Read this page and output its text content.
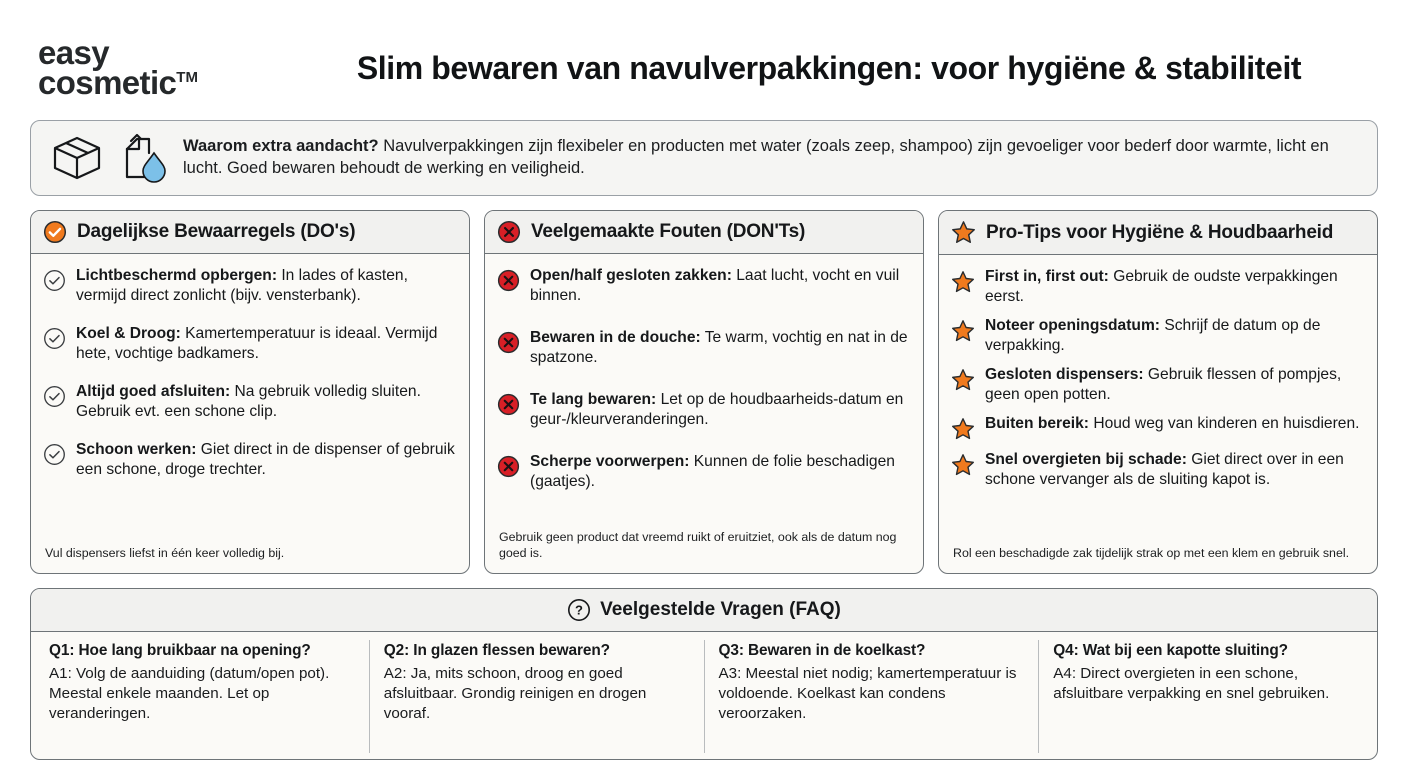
easy
cosmetic™	Slim bewaren van navulverpakkingen: voor hygiëne & stabiliteit
Waarom extra aandacht? Navulverpakkingen zijn flexibeler en producten met water (zoals zeep, shampoo) zijn gevoeliger voor bederf door warmte, licht en lucht. Goed bewaren behoudt de werking en veiligheid.
Dagelijkse Bewaarregels (DO's)
Lichtbeschermd opbergen: In lades of kasten, vermijd direct zonlicht (bijv. vensterbank).
Koel & Droog: Kamertemperatuur is ideaal. Vermijd hete, vochtige badkamers.
Altijd goed afsluiten: Na gebruik volledig sluiten. Gebruik evt. een schone clip.
Schoon werken: Giet direct in de dispenser of gebruik een schone, droge trechter.
Vul dispensers liefst in één keer volledig bij.
Veelgemaakte Fouten (DON'Ts)
Open/half gesloten zakken: Laat lucht, vocht en vuil binnen.
Bewaren in de douche: Te warm, vochtig en nat in de spatzone.
Te lang bewaren: Let op de houdbaarheids-datum en geur-/kleurveranderingen.
Scherpe voorwerpen: Kunnen de folie beschadigen (gaatjes).
Gebruik geen product dat vreemd ruikt of eruitziet, ook als de datum nog goed is.
Pro-Tips voor Hygiëne & Houdbaarheid
First in, first out: Gebruik de oudste verpakkingen eerst.
Noteer openingsdatum: Schrijf de datum op de verpakking.
Gesloten dispensers: Gebruik flessen of pompjes, geen open potten.
Buiten bereik: Houd weg van kinderen en huisdieren.
Snel overgieten bij schade: Giet direct over in een schone vervanger als de sluiting kapot is.
Rol een beschadigde zak tijdelijk strak op met een klem en gebruik snel.
? Veelgestelde Vragen (FAQ)
Q1: Hoe lang bruikbaar na opening?
A1: Volg de aanduiding (datum/open pot). Meestal enkele maanden. Let op veranderingen.
Q2: In glazen flessen bewaren?
A2: Ja, mits schoon, droog en goed afsluitbaar. Grondig reinigen en drogen vooraf.
Q3: Bewaren in de koelkast?
A3: Meestal niet nodig; kamertemperatuur is voldoende. Koelkast kan condens veroorzaken.
Q4: Wat bij een kapotte sluiting?
A4: Direct overgieten in een schone, afsluitbare verpakking en snel gebruiken.
